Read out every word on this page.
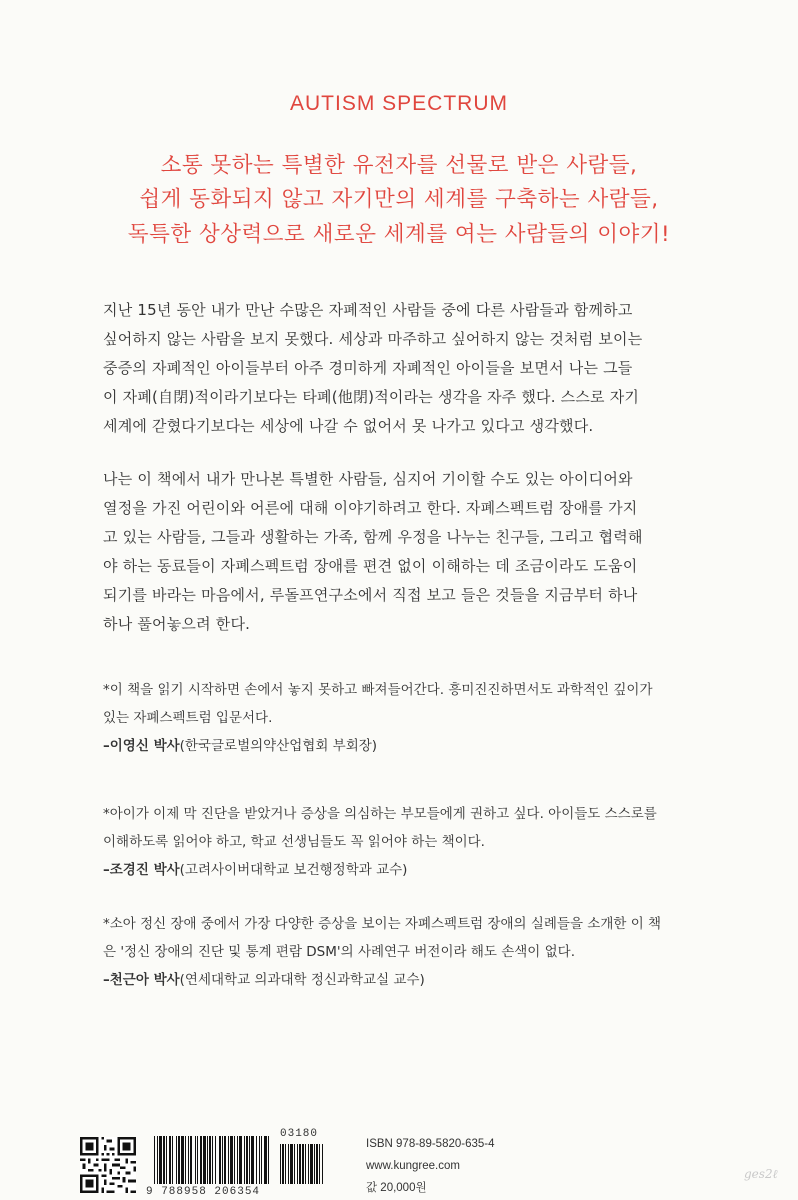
AUTISM SPECTRUM
소통 못하는 특별한 유전자를 선물로 받은 사람들,
쉽게 동화되지 않고 자기만의 세계를 구축하는 사람들,
독특한 상상력으로 새로운 세계를 여는 사람들의 이야기!
지난 15년 동안 내가 만난 수많은 자폐적인 사람들 중에 다른 사람들과 함께하고
싶어하지 않는 사람을 보지 못했다. 세상과 마주하고 싶어하지 않는 것처럼 보이는
중증의 자폐적인 아이들부터 아주 경미하게 자폐적인 아이들을 보면서 나는 그들
이 자폐(自閉)적이라기보다는 타폐(他閉)적이라는 생각을 자주 했다. 스스로 자기
세계에 갇혔다기보다는 세상에 나갈 수 없어서 못 나가고 있다고 생각했다.
나는 이 책에서 내가 만나본 특별한 사람들, 심지어 기이할 수도 있는 아이디어와
열정을 가진 어린이와 어른에 대해 이야기하려고 한다. 자폐스펙트럼 장애를 가지
고 있는 사람들, 그들과 생활하는 가족, 함께 우정을 나누는 친구들, 그리고 협력해
야 하는 동료들이 자폐스펙트럼 장애를 편견 없이 이해하는 데 조금이라도 도움이
되기를 바라는 마음에서, 루돌프연구소에서 직접 보고 들은 것들을 지금부터 하나
하나 풀어놓으려 한다.
*이 책을 읽기 시작하면 손에서 놓지 못하고 빠져들어간다. 흥미진진하면서도 과학적인 깊이가
있는 자폐스펙트럼 입문서다.
–이영신 박사(한국글로벌의약산업협회 부회장)
*아이가 이제 막 진단을 받았거나 증상을 의심하는 부모들에게 권하고 싶다. 아이들도 스스로를
이해하도록 읽어야 하고, 학교 선생님들도 꼭 읽어야 하는 책이다.
–조경진 박사(고려사이버대학교 보건행정학과 교수)
*소아 정신 장애 중에서 가장 다양한 증상을 보이는 자폐스펙트럼 장애의 실례들을 소개한 이 책
은 '정신 장애의 진단 및 통계 편람 DSM'의 사례연구 버전이라 해도 손색이 없다.
–천근아 박사(연세대학교 의과대학 정신과학교실 교수)
03180
9 788958 206354
ISBN 978-89-5820-635-4
www.kungree.com
값 20,000원
ges2ℓ
